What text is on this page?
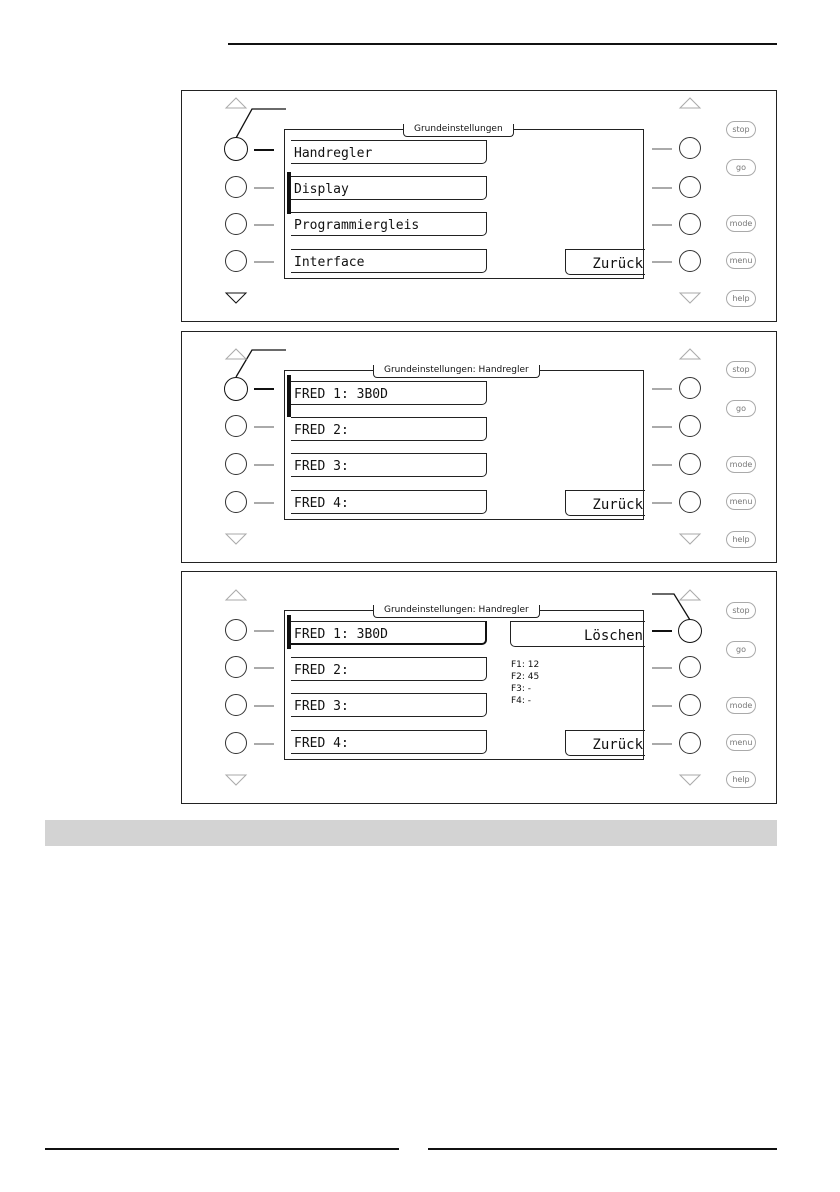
stop
go
mode
menu
help
Grundeinstellungen
Handregler
Display
Programmiergleis
Interface	Zurück
stop
go
mode
menu
help
Grundeinstellungen: Handregler
FRED 1: 3B0D
FRED 2:
FRED 3:
FRED 4:	Zurück
stop
go
mode
menu
help
Grundeinstellungen: Handregler
FRED 1: 3B0D
FRED 2:
FRED 3:
FRED 4:
Löschen
F1: 12
F2: 45
F3: -
F4: -
Zurück
